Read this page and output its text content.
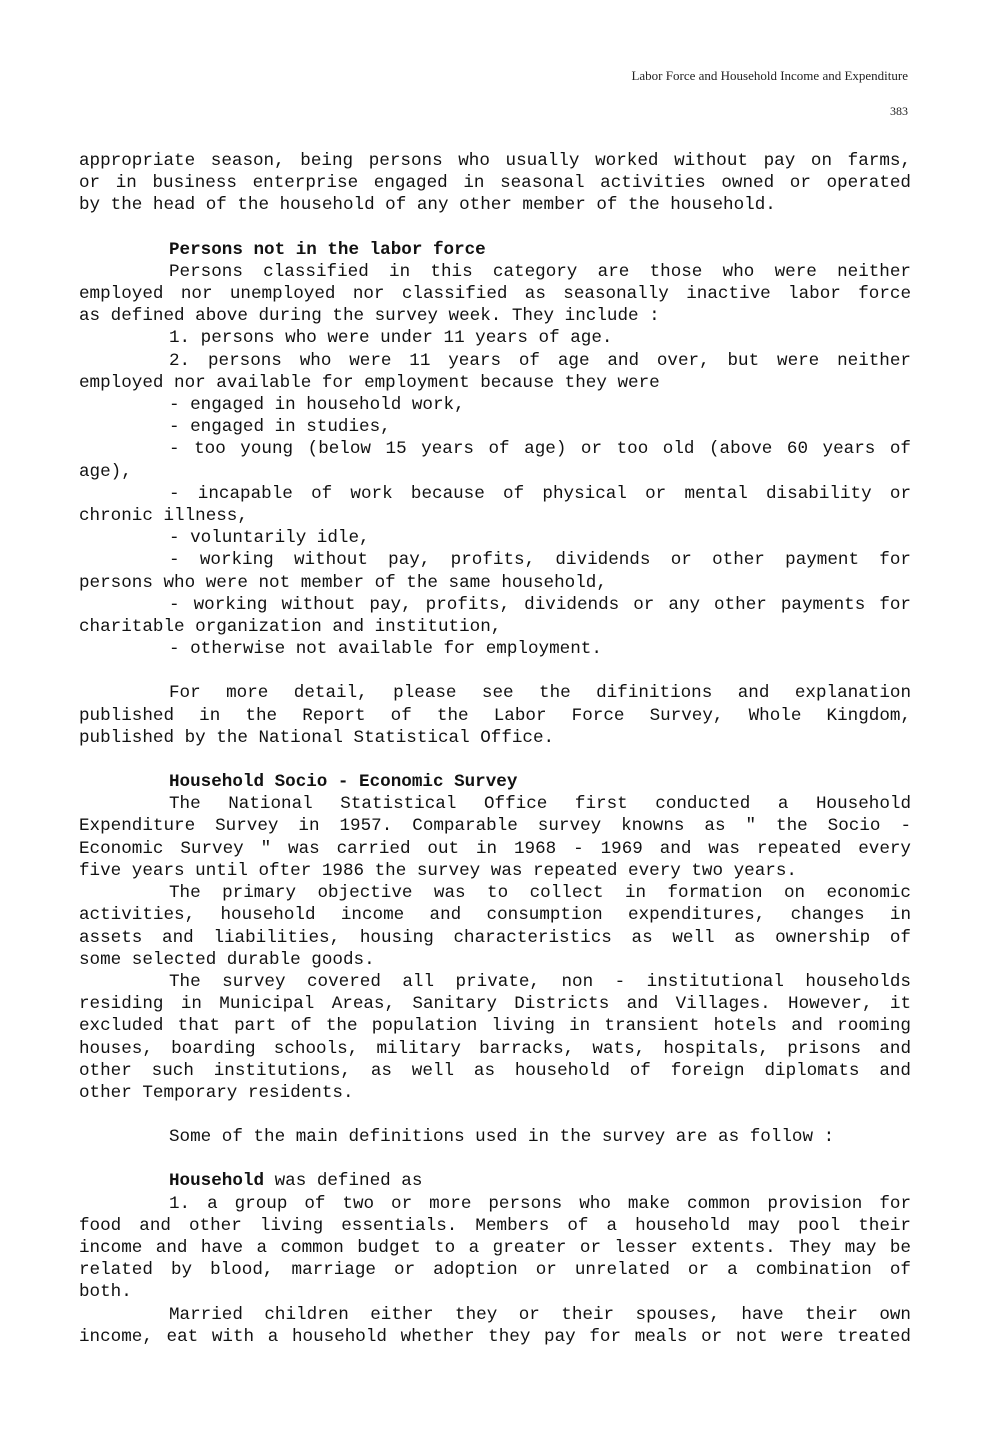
Labor Force and Household Income and Expenditure
383

appropriate season, being persons who usually worked without pay on farms,

or in business enterprise engaged in seasonal activities owned or operated

by the head of the household of any other member of the household.

Persons not in the labor force

Persons classified in this category are those who were neither

employed nor unemployed nor classified as seasonally inactive labor force

as defined above during the survey week. They include :

1. persons who were under 11 years of age.

2. persons who were 11 years of age and over, but were neither

employed nor available for employment because they were

- engaged in household work,

- engaged in studies,

- too young (below 15 years of age) or too old (above 60 years of

age),

- incapable of work because of physical or mental disability or

chronic illness,

- voluntarily idle,

- working without pay, profits, dividends or other payment for

persons who were not member of the same household,

- working without pay, profits, dividends or any other payments for

charitable organization and institution,

- otherwise not available for employment.

For more detail, please see the difinitions and explanation

published in the Report of the Labor Force Survey, Whole Kingdom,

published by the National Statistical Office.

Household Socio - Economic Survey

The National Statistical Office first conducted a Household

Expenditure Survey in 1957. Comparable survey knowns as " the Socio -

Economic Survey " was carried out in 1968 - 1969 and was repeated every

five years until ofter 1986 the survey was repeated every two years.

The primary objective was to collect in formation on economic

activities, household income and consumption expenditures, changes in

assets and liabilities, housing characteristics as well as ownership of

some selected durable goods.

The survey covered all private, non - institutional households

residing in Municipal Areas, Sanitary Districts and Villages. However, it

excluded that part of the population living in transient hotels and rooming

houses, boarding schools, military barracks, wats, hospitals, prisons and

other such institutions, as well as household of foreign diplomats and

other Temporary residents.

Some of the main definitions used in the survey are as follow :

Household was defined as

1. a group of two or more persons who make common provision for

food and other living essentials. Members of a household may pool their

income and have a common budget to a greater or lesser extents. They may be

related by blood, marriage or adoption or unrelated or a combination of

both.

Married children either they or their spouses, have their own

income, eat with a household whether they pay for meals or not were treated
